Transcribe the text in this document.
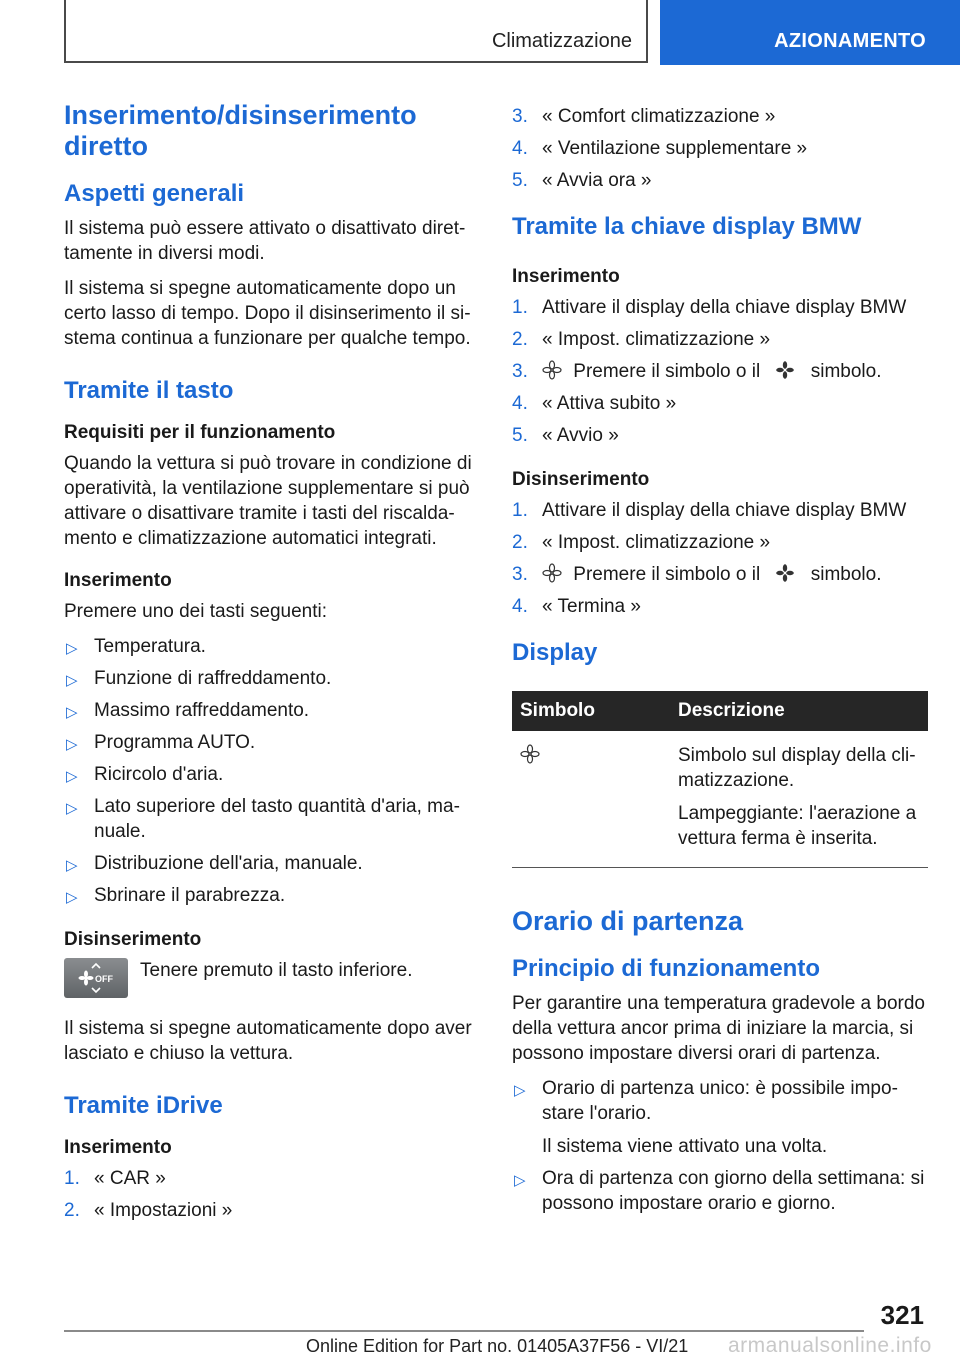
Climatizzazione	AZIONAMENTO
Inserimento/disinserimento diretto
Aspetti generali

Il sistema può essere attivato o disattivato diret-tamente in diversi modi.

Il sistema si spegne automaticamente dopo un certo lasso di tempo. Dopo il disinserimento il si-stema continua a funzionare per qualche tempo.

Tramite il tasto
Requisiti per il funzionamento

Quando la vettura si può trovare in condizione di operatività, la ventilazione supplementare si può attivare o disattivare tramite i tasti del riscalda-mento e climatizzazione automatici integrati.

Inserimento

Premere uno dei tasti seguenti:

▷ Temperatura.
▷ Funzione di raffreddamento.
▷ Massimo raffreddamento.
▷ Programma AUTO.
▷ Ricircolo d'aria.
▷ Lato superiore del tasto quantità d'aria, ma-nuale.
▷ Distribuzione dell'aria, manuale.
▷ Sbrinare il parabrezza.
Disinserimento
OFF Tenere premuto il tasto inferiore.

Il sistema si spegne automaticamente dopo aver lasciato e chiuso la vettura.

Tramite iDrive
Inserimento
1. « CAR »
2. « Impostazioni »
3. « Comfort climatizzazione »
4. « Ventilazione supplementare »
5. « Avvia ora »
Tramite la chiave display BMW
Inserimento
1. Attivare il display della chiave display BMW
2. « Impost. climatizzazione »
3. Premere il simbolo o il	simbolo.
4. « Attiva subito »
5. « Avvio »
Disinserimento
1. Attivare il display della chiave display BMW
2. « Impost. climatizzazione »
3. Premere il simbolo o il	simbolo.
4. « Termina »
Display
Simbolo	Descrizione

Simbolo sul display della cli-matizzazione.

Lampeggiante: l'aerazione a vettura ferma è inserita.

Orario di partenza
Principio di funzionamento

Per garantire una temperatura gradevole a bordo della vettura ancor prima di iniziare la marcia, si possono impostare diversi orari di partenza.

▷ Orario di partenza unico: è possibile impo-stare l'orario.
Il sistema viene attivato una volta.
▷ Ora di partenza con giorno della settimana: si possono impostare orario e giorno.
321
Online Edition for Part no. 01405A37F56 - VI/21 armanualsonline.info
